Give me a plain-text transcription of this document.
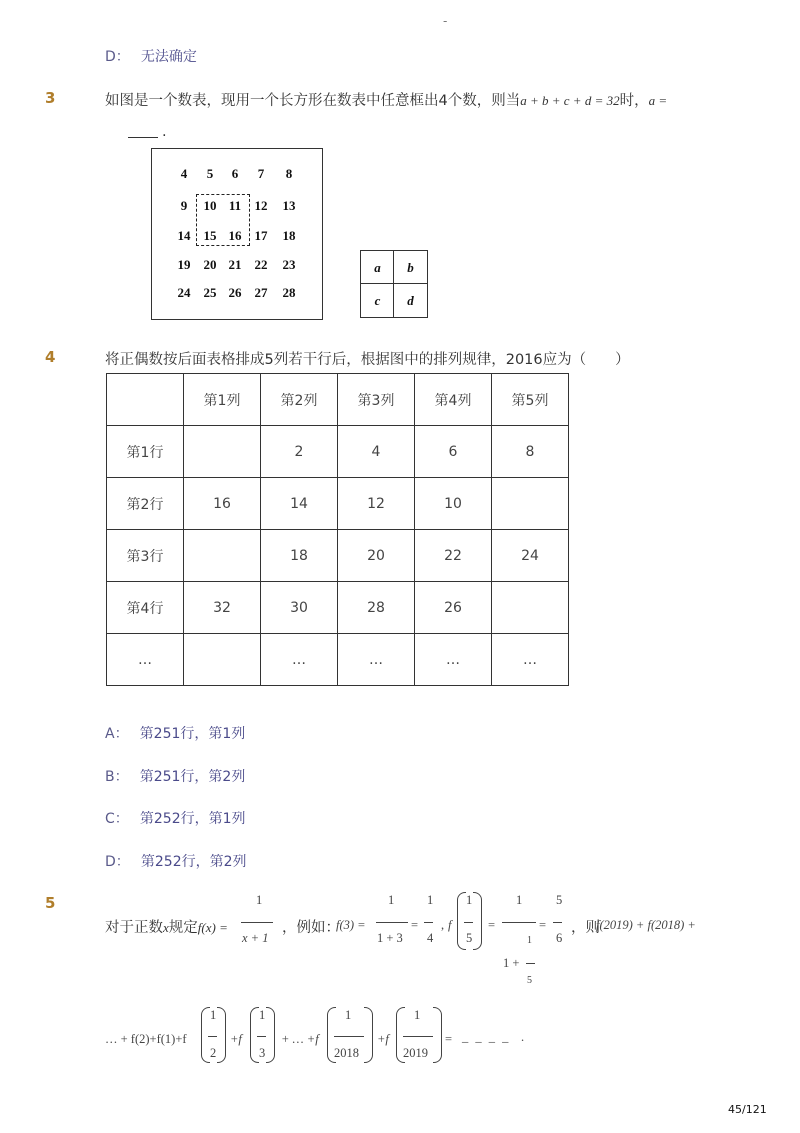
-
D： 无法确定
3	如图是一个数表，现用一个长方形在数表中任意框出4个数，则当a + b + c + d = 32时，a =
.
4	5	6	7	8
9	10 11	12	13
14	15 16	17	18
19	20 21	22	23
24	25 26	27	28
a	b
c	d
4	将正偶数按后面表格排成5列若干行后，根据图中的排列规律，2016应为（　　）
	第1列	第2列	第3列	第4列	第5列
第1行		2	4	6	8
第2行	16	14	12	10	
第3行		18	20	22	24
第4行	32	30	28	26	
…		…	…	…	…
A： 第251行，第1列
B： 第251行，第2列
C： 第252行，第1列
D： 第252行，第2列
5
对于正数x规定f(x) =
1
x + 1
，例如：
f(3) =
1
1 + 3
=
1
4
, f
1
5
=
1
1
1 +
5
=
5
6
，则
f(2019) + f(2018) +
… + f(2)+f(1)+f
1
2
+f
1
3
+ … +f
1
2018
+f
1
2019
= _ _ _ _ .
45/121
